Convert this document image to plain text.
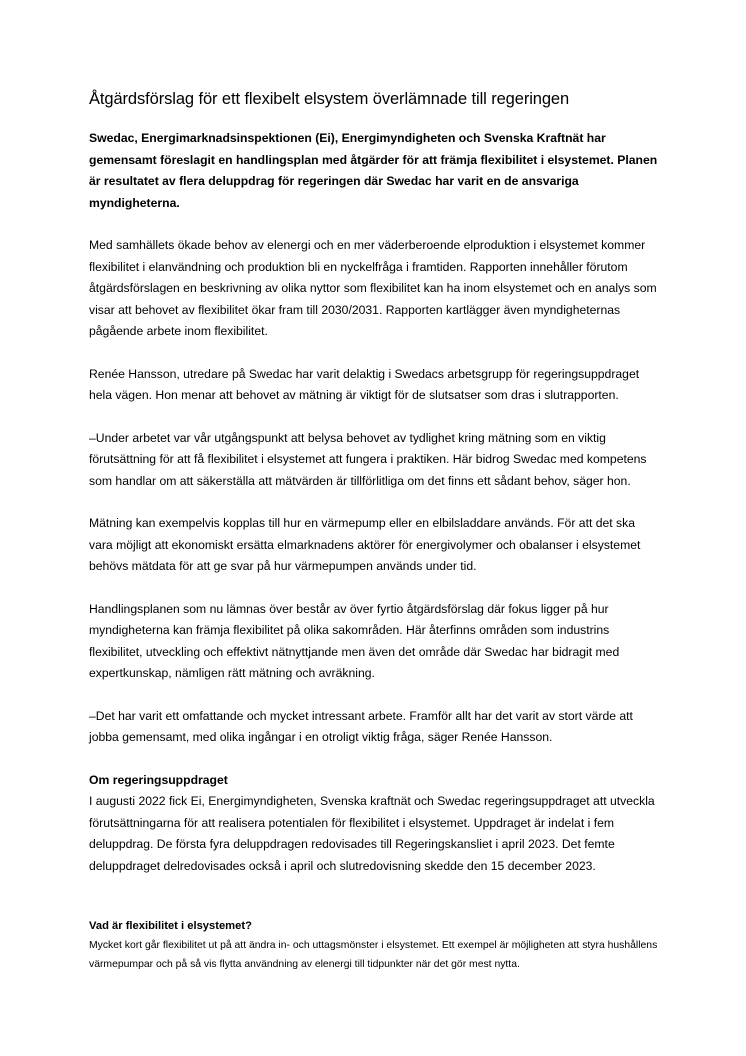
Åtgärdsförslag för ett flexibelt elsystem överlämnade till regeringen

Swedac, Energimarknadsinspektionen (Ei), Energimyndigheten och Svenska Kraftnät har gemensamt föreslagit en handlingsplan med åtgärder för att främja flexibilitet i elsystemet. Planen är resultatet av flera deluppdrag för regeringen där Swedac har varit en de ansvariga myndigheterna.

Med samhällets ökade behov av elenergi och en mer väderberoende elproduktion i elsystemet kommer flexibilitet i elanvändning och produktion bli en nyckelfråga i framtiden. Rapporten innehåller förutom åtgärdsförslagen en beskrivning av olika nyttor som flexibilitet kan ha inom elsystemet och en analys som visar att behovet av flexibilitet ökar fram till 2030/2031. Rapporten kartlägger även myndigheternas pågående arbete inom flexibilitet.

Renée Hansson, utredare på Swedac har varit delaktig i Swedacs arbetsgrupp för regeringsuppdraget hela vägen. Hon menar att behovet av mätning är viktigt för de slutsatser som dras i slutrapporten.

–Under arbetet var vår utgångspunkt att belysa behovet av tydlighet kring mätning som en viktig förutsättning för att få flexibilitet i elsystemet att fungera i praktiken. Här bidrog Swedac med kompetens som handlar om att säkerställa att mätvärden är tillförlitliga om det finns ett sådant behov, säger hon.

Mätning kan exempelvis kopplas till hur en värmepump eller en elbilsladdare används. För att det ska vara möjligt att ekonomiskt ersätta elmarknadens aktörer för energivolymer och obalanser i elsystemet behövs mätdata för att ge svar på hur värmepumpen används under tid.

Handlingsplanen som nu lämnas över består av över fyrtio åtgärdsförslag där fokus ligger på hur myndigheterna kan främja flexibilitet på olika sakområden. Här återfinns områden som industrins flexibilitet, utveckling och effektivt nätnyttjande men även det område där Swedac har bidragit med expertkunskap, nämligen rätt mätning och avräkning.

–Det har varit ett omfattande och mycket intressant arbete. Framför allt har det varit av stort värde att jobba gemensamt, med olika ingångar i en otroligt viktig fråga, säger Renée Hansson.

Om regeringsuppdraget

I augusti 2022 fick Ei, Energimyndigheten, Svenska kraftnät och Swedac regeringsuppdraget att utveckla förutsättningarna för att realisera potentialen för flexibilitet i elsystemet. Uppdraget är indelat i fem deluppdrag. De första fyra deluppdragen redovisades till Regeringskansliet i april 2023. Det femte deluppdraget delredovisades också i april och slutredovisning skedde den 15 december 2023.

Vad är flexibilitet i elsystemet?

Mycket kort går flexibilitet ut på att ändra in- och uttagsmönster i elsystemet. Ett exempel är möjligheten att styra hushållens värmepumpar och på så vis flytta användning av elenergi till tidpunkter när det gör mest nytta.
